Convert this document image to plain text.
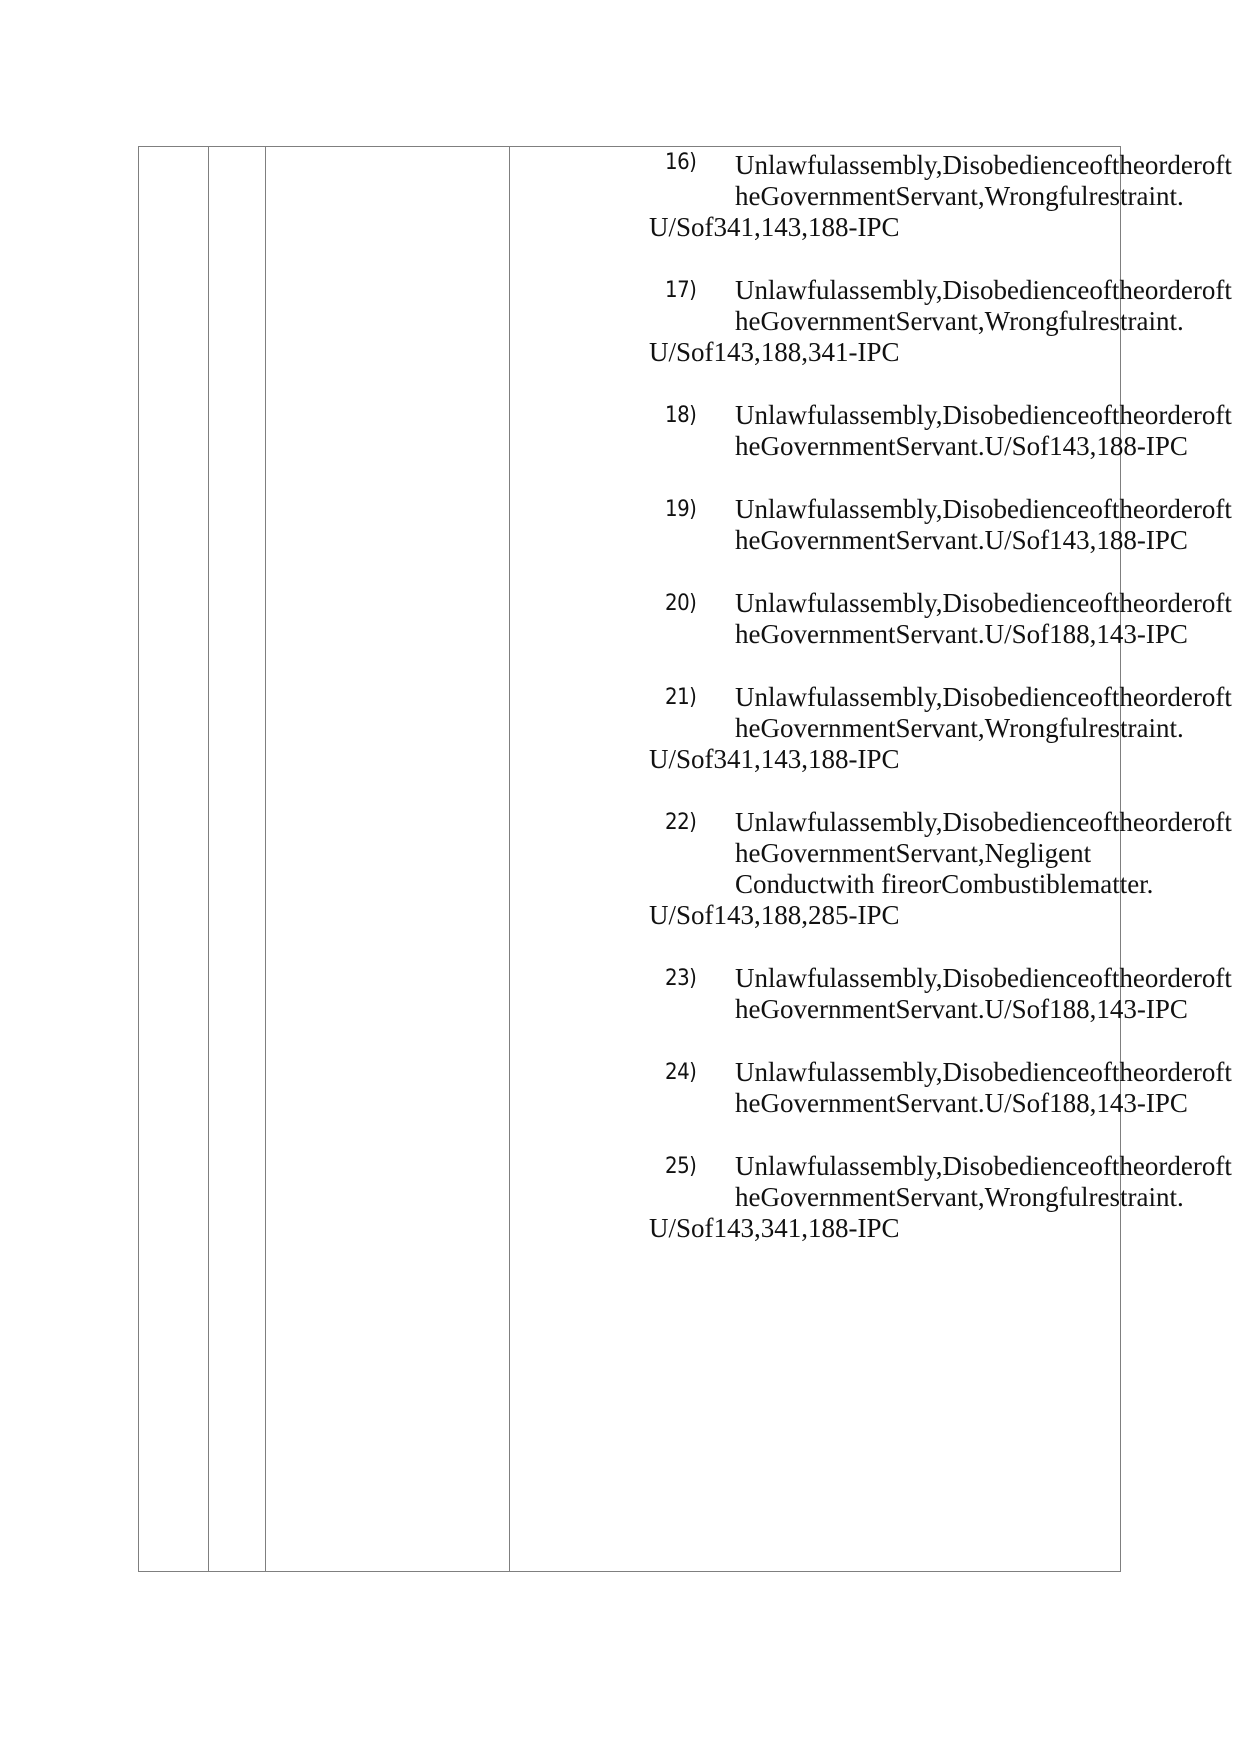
16) Unlawfulassembly,DisobedienceoftheorderoftheGovernmentServant,Wrongfulrestraint.
U/Sof341,143,188-IPC
17) Unlawfulassembly,DisobedienceoftheorderoftheGovernmentServant,Wrongfulrestraint.
U/Sof143,188,341-IPC
18) Unlawfulassembly,DisobedienceoftheorderoftheGovernmentServant.U/Sof143,188-IPC
19) Unlawfulassembly,DisobedienceoftheorderoftheGovernmentServant.U/Sof143,188-IPC
20) Unlawfulassembly,DisobedienceoftheorderoftheGovernmentServant.U/Sof188,143-IPC
21) Unlawfulassembly,DisobedienceoftheorderoftheGovernmentServant,Wrongfulrestraint.
U/Sof341,143,188-IPC
22) Unlawfulassembly,DisobedienceoftheorderoftheGovernmentServant,Negligent Conductwith fireorCombustiblematter.
U/Sof143,188,285-IPC
23) Unlawfulassembly,DisobedienceoftheorderoftheGovernmentServant.U/Sof188,143-IPC
24) Unlawfulassembly,DisobedienceoftheorderoftheGovernmentServant.U/Sof188,143-IPC
25) Unlawfulassembly,DisobedienceoftheorderoftheGovernmentServant,Wrongfulrestraint.
U/Sof143,341,188-IPC
